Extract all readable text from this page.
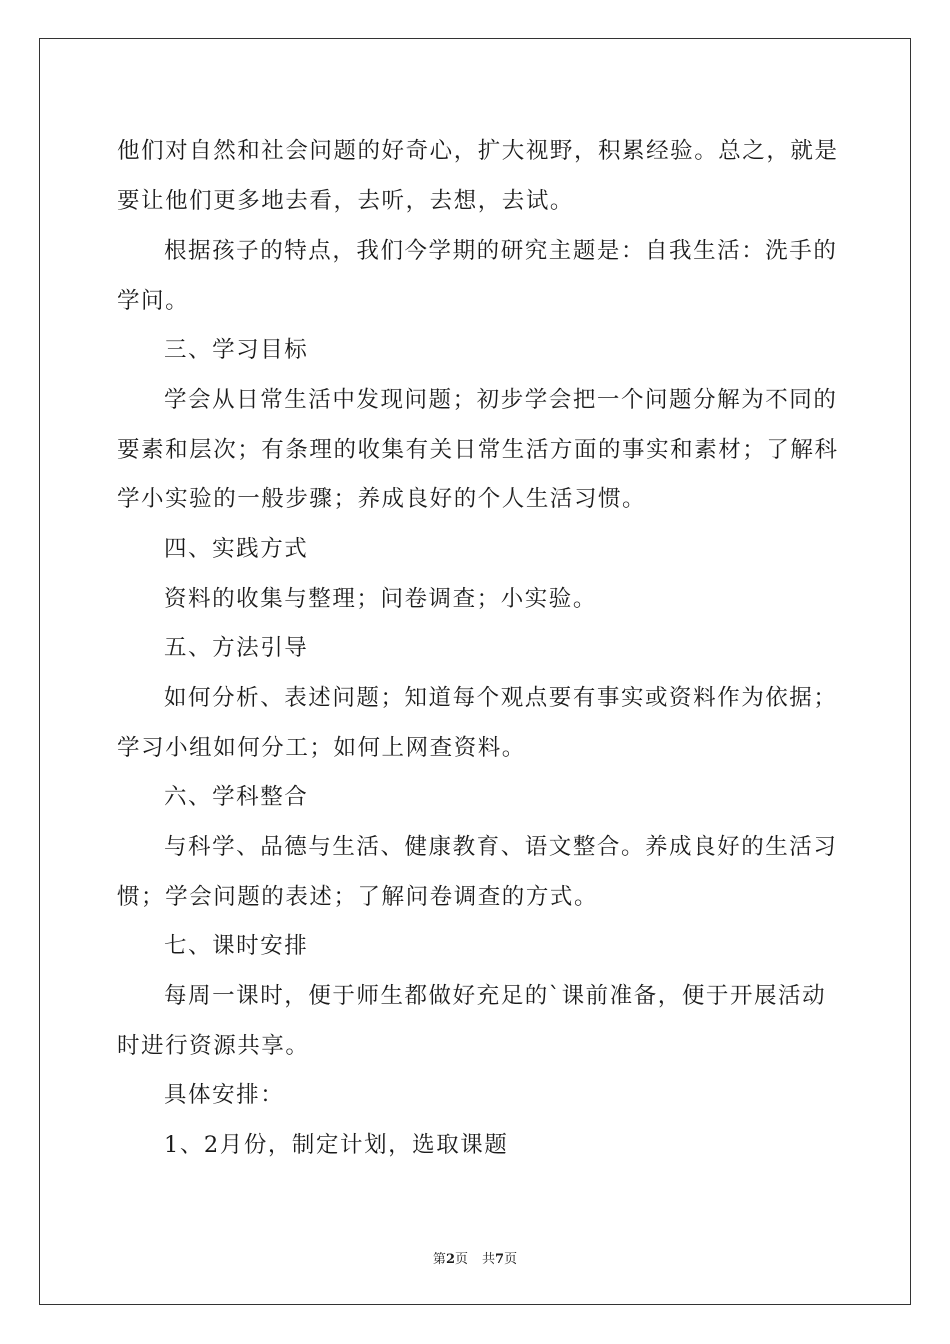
他们对自然和社会问题的好奇心，扩大视野，积累经验。总之，就是
要让他们更多地去看，去听，去想，去试。
根据孩子的特点，我们今学期的研究主题是：自我生活：洗手的
学问。
三、学习目标
学会从日常生活中发现问题；初步学会把一个问题分解为不同的
要素和层次；有条理的收集有关日常生活方面的事实和素材；了解科
学小实验的一般步骤；养成良好的个人生活习惯。
四、实践方式
资料的收集与整理；问卷调查；小实验。
五、方法引导
如何分析、表述问题；知道每个观点要有事实或资料作为依据；
学习小组如何分工；如何上网查资料。
六、学科整合
与科学、品德与生活、健康教育、语文整合。养成良好的生活习
惯；学会问题的表述；了解问卷调查的方式。
七、课时安排
每周一课时，便于师生都做好充足的`课前准备，便于开展活动
时进行资源共享。
具体安排：
1、2月份，制定计划，选取课题
第2页 共7页
